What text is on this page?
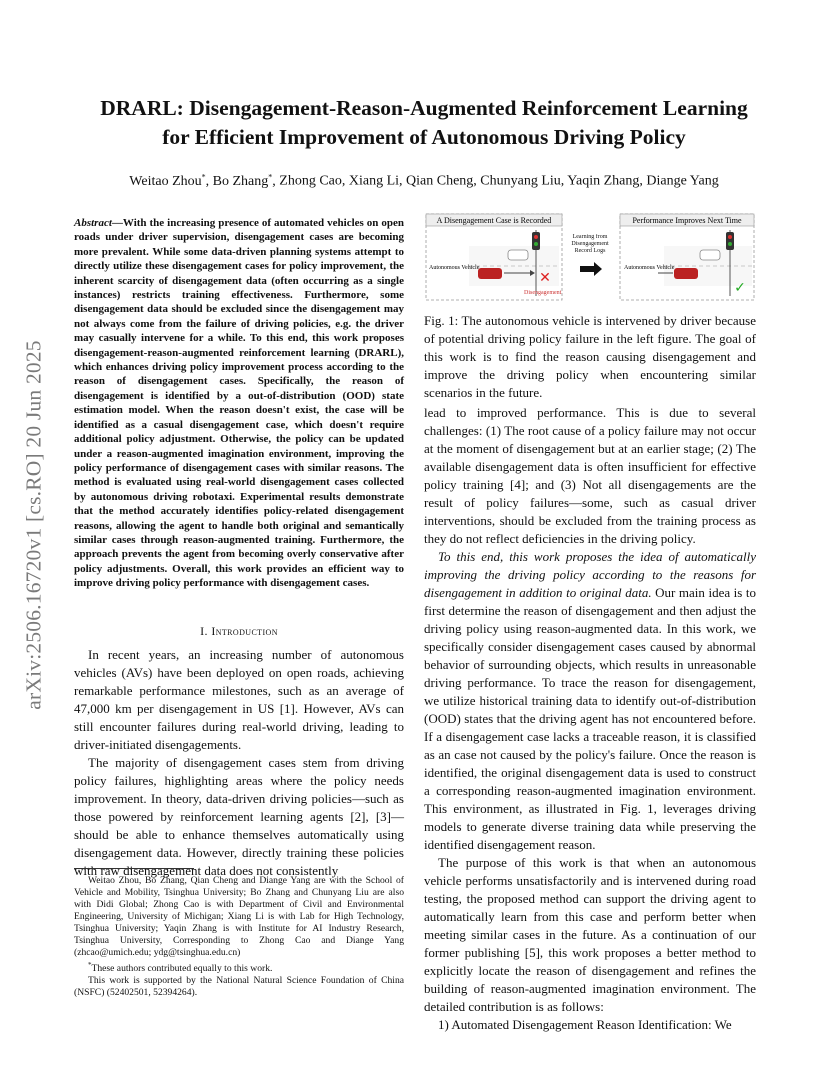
arXiv:2506.16720v1 [cs.RO] 20 Jun 2025
DRARL: Disengagement-Reason-Augmented Reinforcement Learning
for Efficient Improvement of Autonomous Driving Policy
Weitao Zhou*, Bo Zhang*, Zhong Cao, Xiang Li, Qian Cheng, Chunyang Liu, Yaqin Zhang, Diange Yang
Abstract—With the increasing presence of automated vehicles on open roads under driver supervision, disengagement cases are becoming more prevalent. While some data-driven planning systems attempt to directly utilize these disengagement cases for policy improvement, the inherent scarcity of disengagement data (often occurring as a single instances) restricts training effectiveness. Furthermore, some disengagement data should be excluded since the disengagement may not always come from the failure of driving policies, e.g. the driver may casually intervene for a while. To this end, this work proposes disengagement-reason-augmented reinforcement learning (DRARL), which enhances driving policy improvement process according to the reason of disengagement cases. Specifically, the reason of disengagement is identified by a out-of-distribution (OOD) state estimation model. When the reason doesn't exist, the case will be identified as a casual disengagement case, which doesn't require additional policy adjustment. Otherwise, the policy can be updated under a reason-augmented imagination environment, improving the policy performance of disengagement cases with similar reasons. The method is evaluated using real-world disengagement cases collected by autonomous driving robotaxi. Experimental results demonstrate that the method accurately identifies policy-related disengagement reasons, allowing the agent to handle both original and semantically similar cases through reason-augmented training. Furthermore, the approach prevents the agent from becoming overly conservative after policy adjustments. Overall, this work provides an efficient way to improve driving policy performance with disengagement cases.
I. Introduction

In recent years, an increasing number of autonomous vehicles (AVs) have been deployed on open roads, achieving remarkable performance milestones, such as an average of 47,000 km per disengagement in US [1]. However, AVs can still encounter failures during real-world driving, leading to driver-initiated disengagements.

The majority of disengagement cases stem from driving policy failures, highlighting areas where the policy needs improvement. In theory, data-driven driving policies—such as those powered by reinforcement learning agents [2], [3]—should be able to enhance themselves automatically using disengagement data. However, directly training these policies with raw disengagement data does not consistently

Weitao Zhou, Bo Zhang, Qian Cheng and Diange Yang are with the School of Vehicle and Mobility, Tsinghua University; Bo Zhang and Chunyang Liu are also with Didi Global; Zhong Cao is with Department of Civil and Environmental Engineering, University of Michigan; Xiang Li is with Lab for High Technology, Tsinghua University; Yaqin Zhang is with Institute for AI Industry Research, Tsinghua University, Corresponding to Zhong Cao and Diange Yang (zhcao@umich.edu; ydg@tsinghua.edu.cn)

*These authors contributed equally to this work.

This work is supported by the National Natural Science Foundation of China (NSFC) (52402501, 52394264).

A Disengagement Case is Recorded
✕
Autonomous Vehicle
Disengagement
Learning from Disengagement Record Logs
Performance Improves Next Time
✓
Autonomous Vehicle
Fig. 1: The autonomous vehicle is intervened by driver because of potential driving policy failure in the left figure. The goal of this work is to find the reason causing disengagement and improve the driving policy when encountering similar scenarios in the future.

lead to improved performance. This is due to several challenges: (1) The root cause of a policy failure may not occur at the moment of disengagement but at an earlier stage; (2) The available disengagement data is often insufficient for effective policy training [4]; and (3) Not all disengagements are the result of policy failures—some, such as casual driver interventions, should be excluded from the training process as they do not reflect deficiencies in the driving policy.

To this end, this work proposes the idea of automatically improving the driving policy according to the reasons for disengagement in addition to original data. Our main idea is to first determine the reason of disengagement and then adjust the driving policy using reason-augmented data. In this work, we specifically consider disengagement cases caused by abnormal behavior of surrounding objects, which results in unreasonable driving performance. To trace the reason for disengagement, we utilize historical training data to identify out-of-distribution (OOD) states that the driving agent has not encountered before. If a disengagement case lacks a traceable reason, it is classified as an case not caused by the policy's failure. Once the reason is identified, the original disengagement data is used to construct a corresponding reason-augmented imagination environment. This environment, as illustrated in Fig. 1, leverages driving models to generate diverse training data while preserving the identified disengagement reason.

The purpose of this work is that when an autonomous vehicle performs unsatisfactorily and is intervened during road testing, the proposed method can support the driving agent to automatically learn from this case and perform better when meeting similar cases in the future. As a continuation of our former publishing [5], this work proposes a better method to explicitly locate the reason of disengagement and refines the building of reason-augmented imagination environment. The detailed contribution is as follows:

1) Automated Disengagement Reason Identification: We
